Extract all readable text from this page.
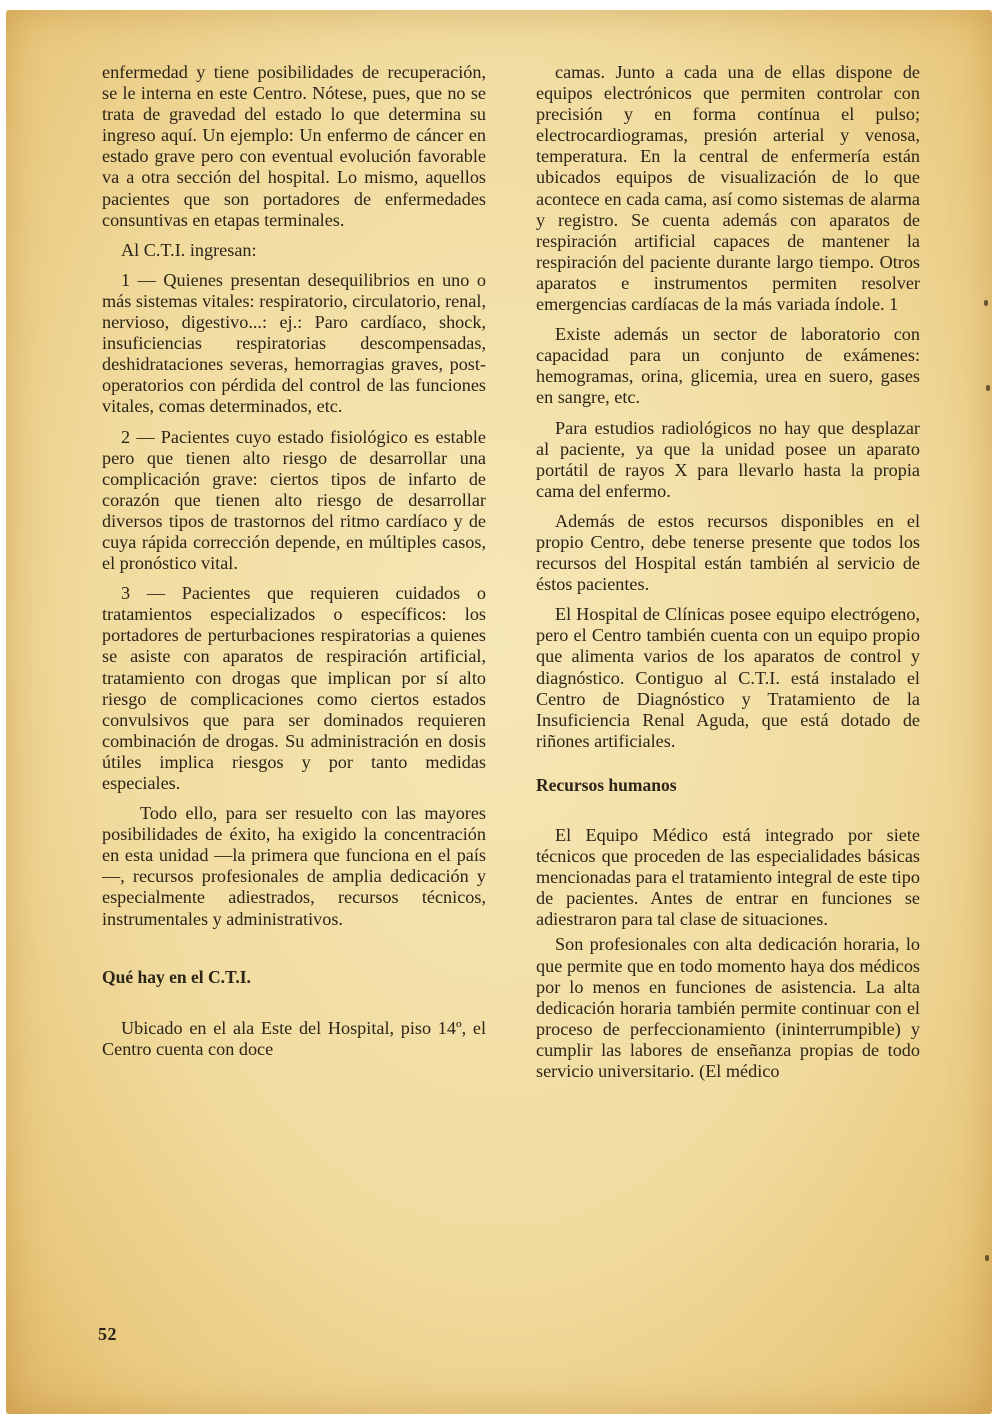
enfermedad y tiene posibilidades de recuperación, se le interna en este Centro. Nótese, pues, que no se trata de gravedad del estado lo que determina su ingreso aquí. Un ejemplo: Un enfermo de cáncer en estado grave pero con eventual evolución favorable va a otra sección del hospital. Lo mismo, aquellos pacientes que son portadores de enfermedades consuntivas en etapas terminales.

Al C.T.I. ingresan:

1 — Quienes presentan desequilibrios en uno o más sistemas vitales: respiratorio, circulatorio, renal, nervioso, digestivo...: ej.: Paro cardíaco, shock, insuficiencias respiratorias descompensadas, deshidrataciones severas, hemorragias graves, post-operatorios con pérdida del control de las funciones vitales, comas determinados, etc.

2 — Pacientes cuyo estado fisiológico es estable pero que tienen alto riesgo de desarrollar una complicación grave: ciertos tipos de infarto de corazón que tienen alto riesgo de desarrollar diversos tipos de trastornos del ritmo cardíaco y de cuya rápida corrección depende, en múltiples casos, el pronóstico vital.

3 — Pacientes que requieren cuidados o tratamientos especializados o específicos: los portadores de perturbaciones respiratorias a quienes se asiste con aparatos de respiración artificial, tratamiento con drogas que implican por sí alto riesgo de complicaciones como ciertos estados convulsivos que para ser dominados requieren combinación de drogas. Su administración en dosis útiles implica riesgos y por tanto medidas especiales.

Todo ello, para ser resuelto con las mayores posibilidades de éxito, ha exigido la concentración en esta unidad —la primera que funciona en el país—, recursos profesionales de amplia dedicación y especialmente adiestrados, recursos técnicos, instrumentales y administrativos.

Qué hay en el C.T.I.

Ubicado en el ala Este del Hospital, piso 14º, el Centro cuenta con doce

camas. Junto a cada una de ellas dispone de equipos electrónicos que permiten controlar con precisión y en forma contínua el pulso; electrocardiogramas, presión arterial y venosa, temperatura. En la central de enfermería están ubicados equipos de visualización de lo que acontece en cada cama, así como sistemas de alarma y registro. Se cuenta además con aparatos de respiración artificial capaces de mantener la respiración del paciente durante largo tiempo. Otros aparatos e instrumentos permiten resolver emergencias cardíacas de la más variada índole. 1

Existe además un sector de laboratorio con capacidad para un conjunto de exámenes: hemogramas, orina, glicemia, urea en suero, gases en sangre, etc.

Para estudios radiológicos no hay que desplazar al paciente, ya que la unidad posee un aparato portátil de rayos X para llevarlo hasta la propia cama del enfermo.

Además de estos recursos disponibles en el propio Centro, debe tenerse presente que todos los recursos del Hospital están también al servicio de éstos pacientes.

El Hospital de Clínicas posee equipo electrógeno, pero el Centro también cuenta con un equipo propio que alimenta varios de los aparatos de control y diagnóstico. Contiguo al C.T.I. está instalado el Centro de Diagnóstico y Tratamiento de la Insuficiencia Renal Aguda, que está dotado de riñones artificiales.

Recursos humanos

El Equipo Médico está integrado por siete técnicos que proceden de las especialidades básicas mencionadas para el tratamiento integral de este tipo de pacientes. Antes de entrar en funciones se adiestraron para tal clase de situaciones.

Son profesionales con alta dedicación horaria, lo que permite que en todo momento haya dos médicos por lo menos en funciones de asistencia. La alta dedicación horaria también permite continuar con el proceso de perfeccionamiento (ininterrumpible) y cumplir las labores de enseñanza propias de todo servicio universitario. (El médico

52
